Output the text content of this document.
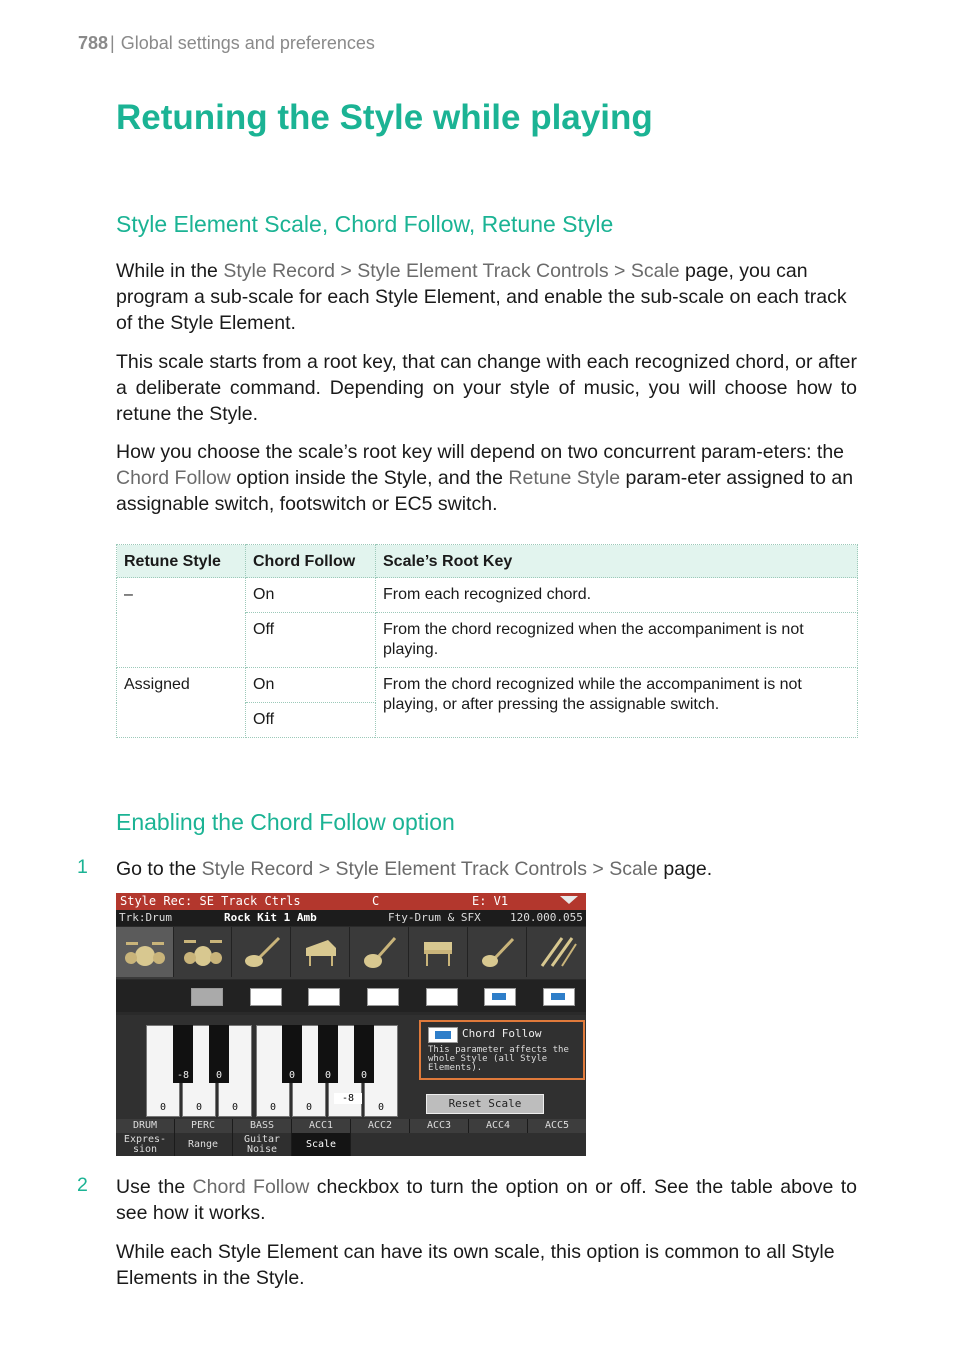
788 | Global settings and preferences
Retuning the Style while playing
Style Element Scale, Chord Follow, Retune Style

While in the Style Record > Style Element Track Controls > Scale page, you can program a sub-scale for each Style Element, and enable the sub-scale on each track of the Style Element.

This scale starts from a root key, that can change with each recognized chord, or after a deliberate command. Depending on your style of music, you will choose how to retune the Style.

How you choose the scale’s root key will depend on two concurrent param-eters: the Chord Follow option inside the Style, and the Retune Style param-eter assigned to an assignable switch, footswitch or EC5 switch.

Retune Style	Chord Follow	Scale’s Root Key
–	On	From each recognized chord.
	Off	From the chord recognized when the accompaniment is not playing.
Assigned	On	From the chord recognized while the accompaniment is not playing, or after pressing the assignable switch.
	Off	
Enabling the Chord Follow option
1 Go to the Style Record > Style Element Track Controls > Scale page.

Style Rec: SE Track Ctrls	C	E: V1
Trk:Drum	Rock Kit 1 Amb	Fty-Drum & SFX	120.000.055
0	0	0	0	0	0
-8	0	0	0	0
-8
Chord Follow
This parameter affects the whole Style (all Style Elements).
Reset Scale
DRUM	PERC	BASS	ACC1	ACC2	ACC3	ACC4	ACC5
Expres-
sion	Range	Guitar
Noise	Scale
2 Use the Chord Follow checkbox to turn the option on or off. See the table above to see how it works.

While each Style Element can have its own scale, this option is common to all Style Elements in the Style.
